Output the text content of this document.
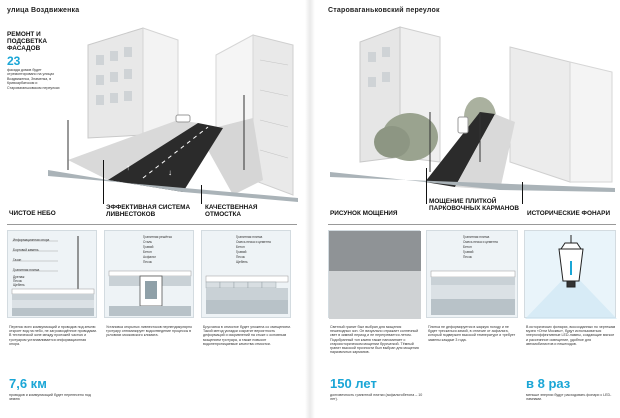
улица Воздвиженка
РЕМОНТ И ПОДСВЕТКА ФАСАДОВ
23
фасада домов будет отремонтировано на улицах Воздвиженка, Знаменка, в Кривоарбатском и Староваганьковском переулках
↑
↓
ЧИСТОЕ НЕБО
ЭФФЕКТИВНАЯ СИСТЕМА ЛИВНЕСТОКОВ
КАЧЕСТВЕННАЯ ОТМОСТКА
Информационная опора
Бортовой камень
Газон
Гранитная плитка
Дренаж
Песок
Щебень
Гранитная решётка
Сталь
Гравий
Бетон
Асфальт
Песок
Гранитная плитка
Смесь песка и цемента
Бетон
Гравий
Песок
Щебень
Перенос всех коммуникаций и проводов под землю откроет вид на небо, не загромоздённое проводами. В технической зоне между проезжей частью и тротуаром устанавливается информационная опора.
Установка открытых ливнестоков перпендикулярно тротуару оптимизирует водоотведение процессы в условиях московского климата.
Брусчатка в отмостке будет уложена со смещением. Такой метод укладки сократит вероятность деформаций и искривлений на стыке с основным мощением тротуара, а также повысит водонепроницаемые качества отмостки.
7,6 км
проводов и коммуникаций будет перенесено под землю
Староваганьковский переулок
РИСУНОК МОЩЕНИЯ
МОЩЕНИЕ ПЛИТКОЙ ПАРКОВОЧНЫХ КАРМАНОВ
ИСТОРИЧЕСКИЕ ФОНАРИ
Гранитная плитка
Смесь песка и цемента
Бетон
Гравий
Песок
Светлый гранит был выбран для мощения пешеходных зон. Он визуально отражает солнечный свет в зимний период и не перегревается летом. Подобранный тон камня также напоминает о староисторическом мощении брусчаткой. Тёмный гранит высокой прочности был выбран для мощения парковочных карманов.
Плитка не деформируется в жаркую погоду и не будет трескаться зимой, в отличие от асфальта, который подвержен высокой температуре и требует замены каждые 3 года.
В исторических фонарях, воссозданных по чертежам музея «Огни Москвы», будут использоваться энергоэффективные LED-лампы, создающие мягкое и рассеянное освещение, удобное для автомобилистов и пешеходов.
150 лет
долговечность гранитной плитки (асфальтобетона – 10 лет).
в 8 раз
меньше энергии будут расходовать фонари с LED-лампами.
